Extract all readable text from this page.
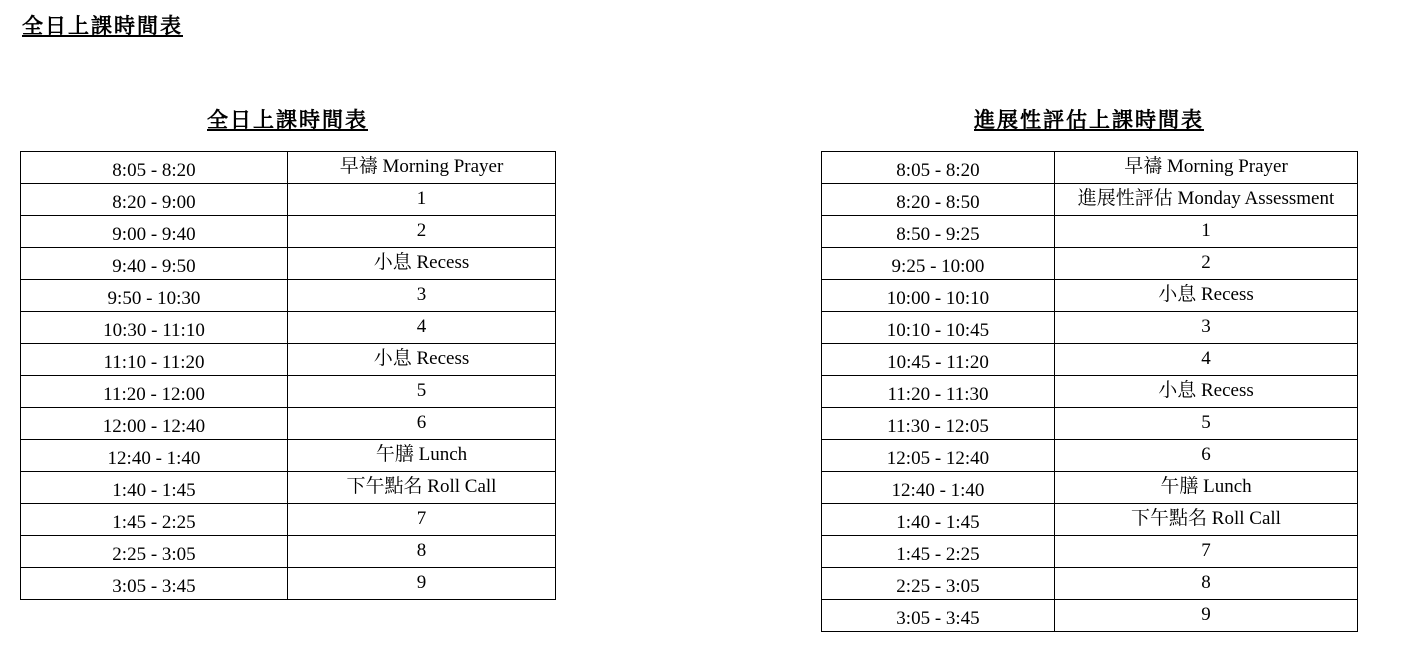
全日上課時間表
全日上課時間表
8:05 - 8:20	早禱 Morning Prayer
8:20 - 9:00	1
9:00 - 9:40	2
9:40 - 9:50	小息 Recess
9:50 - 10:30	3
10:30 - 11:10	4
11:10 - 11:20	小息 Recess
11:20 - 12:00	5
12:00 - 12:40	6
12:40 - 1:40	午膳 Lunch
1:40 - 1:45	下午點名 Roll Call
1:45 - 2:25	7
2:25 - 3:05	8
3:05 - 3:45	9
進展性評估上課時間表
8:05 - 8:20	早禱 Morning Prayer
8:20 - 8:50	進展性評估 Monday Assessment
8:50 - 9:25	1
9:25 - 10:00	2
10:00 - 10:10	小息 Recess
10:10 - 10:45	3
10:45 - 11:20	4
11:20 - 11:30	小息 Recess
11:30 - 12:05	5
12:05 - 12:40	6
12:40 - 1:40	午膳 Lunch
1:40 - 1:45	下午點名 Roll Call
1:45 - 2:25	7
2:25 - 3:05	8
3:05 - 3:45	9
